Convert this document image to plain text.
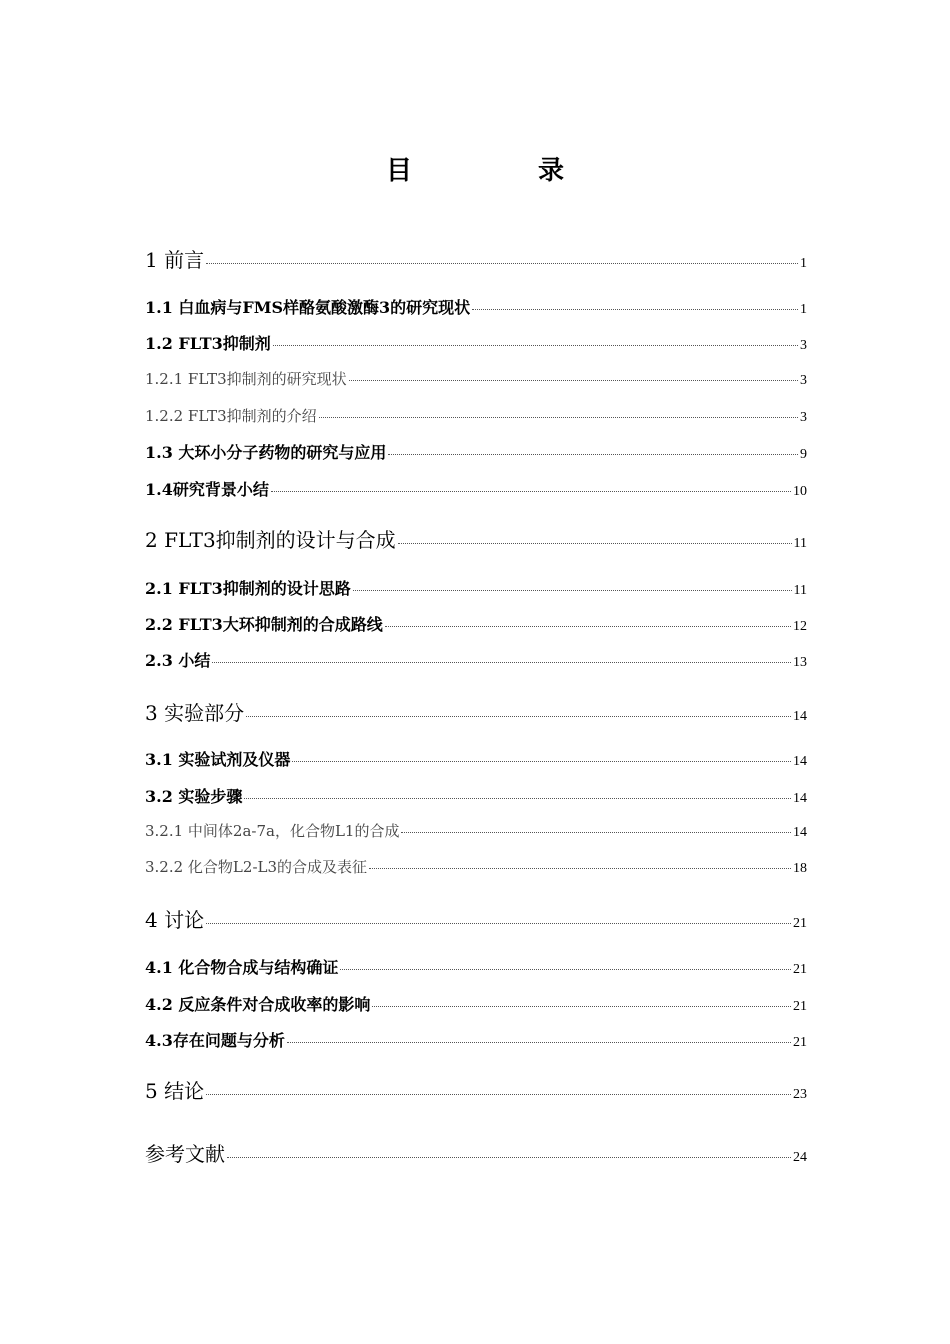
目　录
1 前言	1
1.1 白血病与FMS样酪氨酸激酶3的研究现状	1
1.2 FLT3抑制剂	3
1.2.1 FLT3抑制剂的研究现状	3
1.2.2 FLT3抑制剂的介绍	3
1.3 大环小分子药物的研究与应用	9
1.4研究背景小结	10
2 FLT3抑制剂的设计与合成	11
2.1 FLT3抑制剂的设计思路	11
2.2 FLT3大环抑制剂的合成路线	12
2.3 小结	13
3 实验部分	14
3.1 实验试剂及仪器	14
3.2 实验步骤	14
3.2.1 中间体2a-7a，化合物L1的合成	14
3.2.2 化合物L2-L3的合成及表征	18
4 讨论	21
4.1 化合物合成与结构确证	21
4.2 反应条件对合成收率的影响	21
4.3存在问题与分析	21
5 结论	23
参考文献	24
